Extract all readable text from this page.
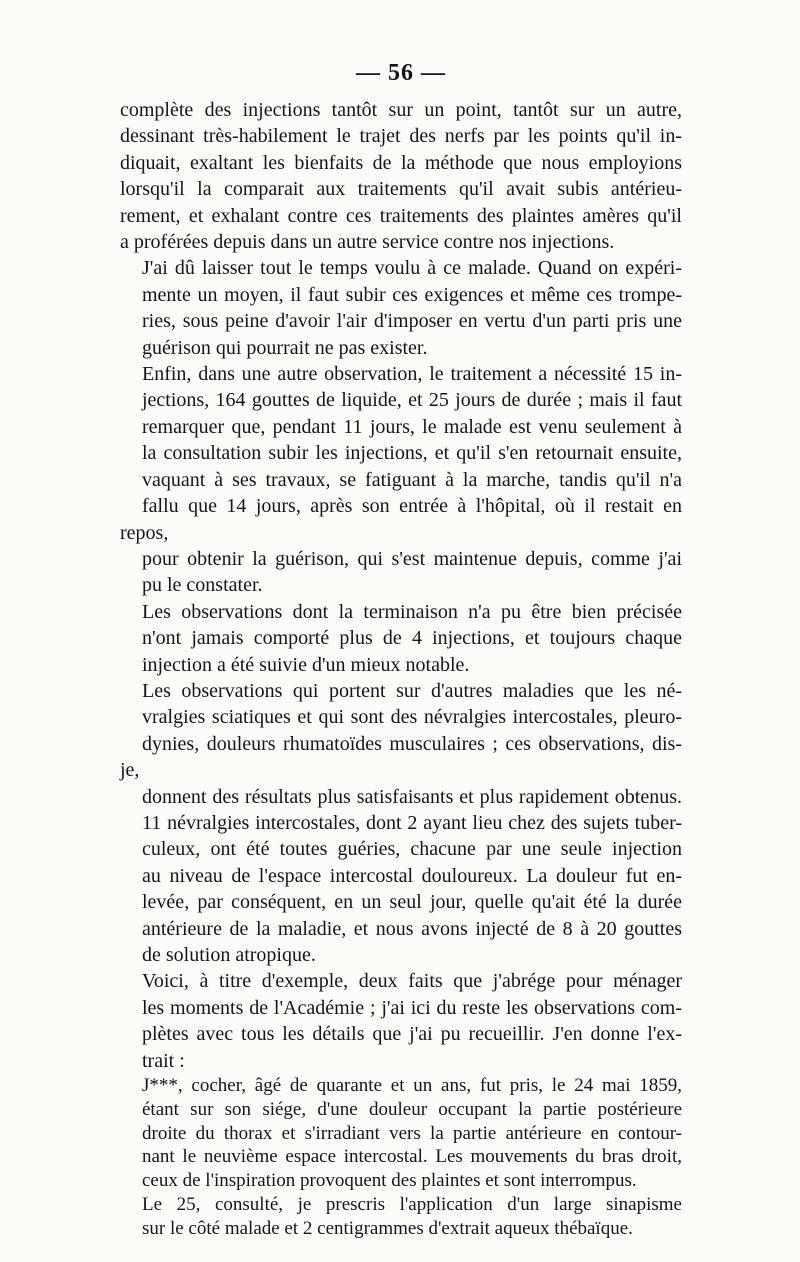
— 56 —

complète des injections tantôt sur un point, tantôt sur un autre,
dessinant très-habilement le trajet des nerfs par les points qu'il in-
diquait, exaltant les bienfaits de la méthode que nous employions
lorsqu'il la comparait aux traitements qu'il avait subis antérieu-
rement, et exhalant contre ces traitements des plaintes amères qu'il
a proférées depuis dans un autre service contre nos injections.

J'ai dû laisser tout le temps voulu à ce malade. Quand on expéri-
mente un moyen, il faut subir ces exigences et même ces trompe-
ries, sous peine d'avoir l'air d'imposer en vertu d'un parti pris une
guérison qui pourrait ne pas exister.

Enfin, dans une autre observation, le traitement a nécessité 15 in-
jections, 164 gouttes de liquide, et 25 jours de durée ; mais il faut
remarquer que, pendant 11 jours, le malade est venu seulement à
la consultation subir les injections, et qu'il s'en retournait ensuite,
vaquant à ses travaux, se fatiguant à la marche, tandis qu'il n'a
fallu que 14 jours, après son entrée à l'hôpital, où il restait en repos,
pour obtenir la guérison, qui s'est maintenue depuis, comme j'ai
pu le constater.

Les observations dont la terminaison n'a pu être bien précisée
n'ont jamais comporté plus de 4 injections, et toujours chaque
injection a été suivie d'un mieux notable.

Les observations qui portent sur d'autres maladies que les né-
vralgies sciatiques et qui sont des névralgies intercostales, pleuro-
dynies, douleurs rhumatoïdes musculaires ; ces observations, dis-je,
donnent des résultats plus satisfaisants et plus rapidement obtenus.
11 névralgies intercostales, dont 2 ayant lieu chez des sujets tuber-
culeux, ont été toutes guéries, chacune par une seule injection
au niveau de l'espace intercostal douloureux. La douleur fut en-
levée, par conséquent, en un seul jour, quelle qu'ait été la durée
antérieure de la maladie, et nous avons injecté de 8 à 20 gouttes
de solution atropique.

Voici, à titre d'exemple, deux faits que j'abrége pour ménager
les moments de l'Académie ; j'ai ici du reste les observations com-
plètes avec tous les détails que j'ai pu recueillir. J'en donne l'ex-
trait :

J***, cocher, âgé de quarante et un ans, fut pris, le 24 mai 1859,
étant sur son siége, d'une douleur occupant la partie postérieure
droite du thorax et s'irradiant vers la partie antérieure en contour-
nant le neuvième espace intercostal. Les mouvements du bras droit,
ceux de l'inspiration provoquent des plaintes et sont interrompus.

Le 25, consulté, je prescris l'application d'un large sinapisme
sur le côté malade et 2 centigrammes d'extrait aqueux thébaïque.
